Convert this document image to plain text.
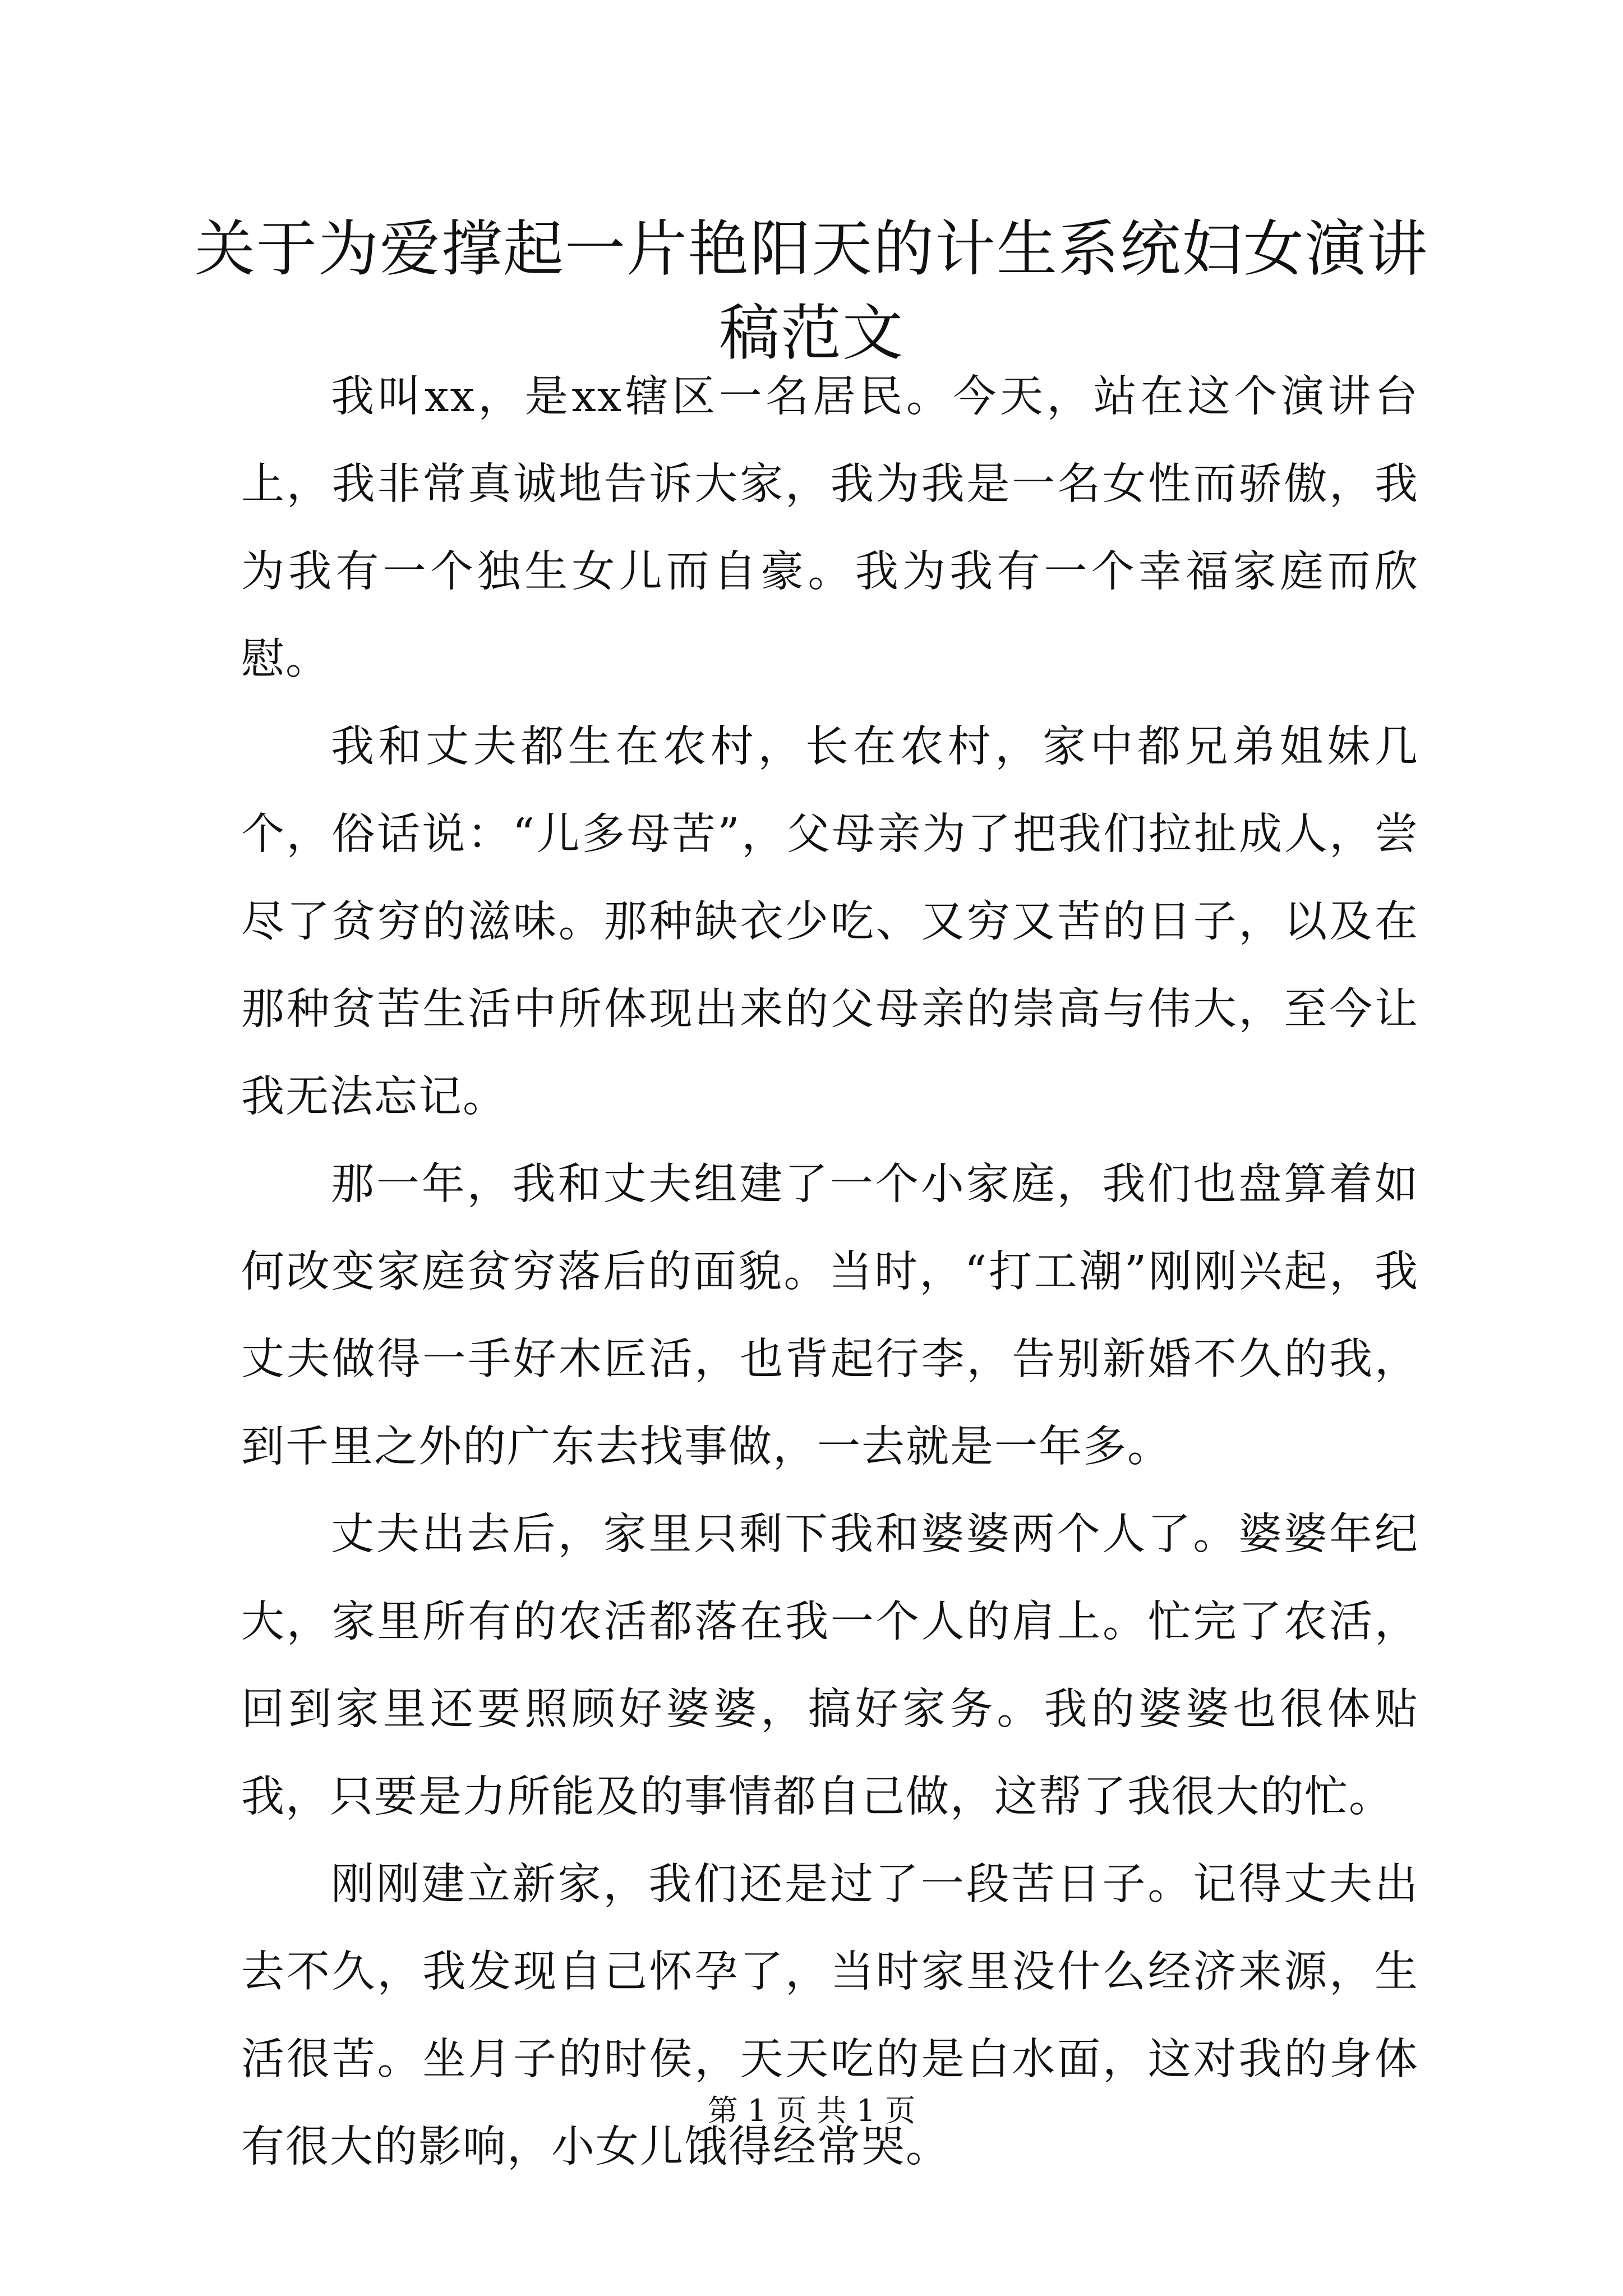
关于为爱撑起一片艳阳天的计生系统妇女演讲稿范文

我叫xx，是xx辖区一名居民。今天，站在这个演讲台上，我非常真诚地告诉大家，我为我是一名女性而骄傲，我为我有一个独生女儿而自豪。我为我有一个幸福家庭而欣慰。

我和丈夫都生在农村，长在农村，家中都兄弟姐妹几个，俗话说：“儿多母苦”，父母亲为了把我们拉扯成人，尝尽了贫穷的滋味。那种缺衣少吃、又穷又苦的日子，以及在那种贫苦生活中所体现出来的父母亲的崇高与伟大，至今让我无法忘记。

那一年，我和丈夫组建了一个小家庭，我们也盘算着如何改变家庭贫穷落后的面貌。当时，“打工潮”刚刚兴起，我丈夫做得一手好木匠活，也背起行李，告别新婚不久的我，到千里之外的广东去找事做，一去就是一年多。

丈夫出去后，家里只剩下我和婆婆两个人了。婆婆年纪大，家里所有的农活都落在我一个人的肩上。忙完了农活，回到家里还要照顾好婆婆，搞好家务。我的婆婆也很体贴我，只要是力所能及的事情都自己做，这帮了我很大的忙。

刚刚建立新家，我们还是过了一段苦日子。记得丈夫出去不久，我发现自己怀孕了，当时家里没什么经济来源，生活很苦。坐月子的时侯，天天吃的是白水面，这对我的身体有很大的影响，小女儿饿得经常哭。

第 1 页 共 1 页
